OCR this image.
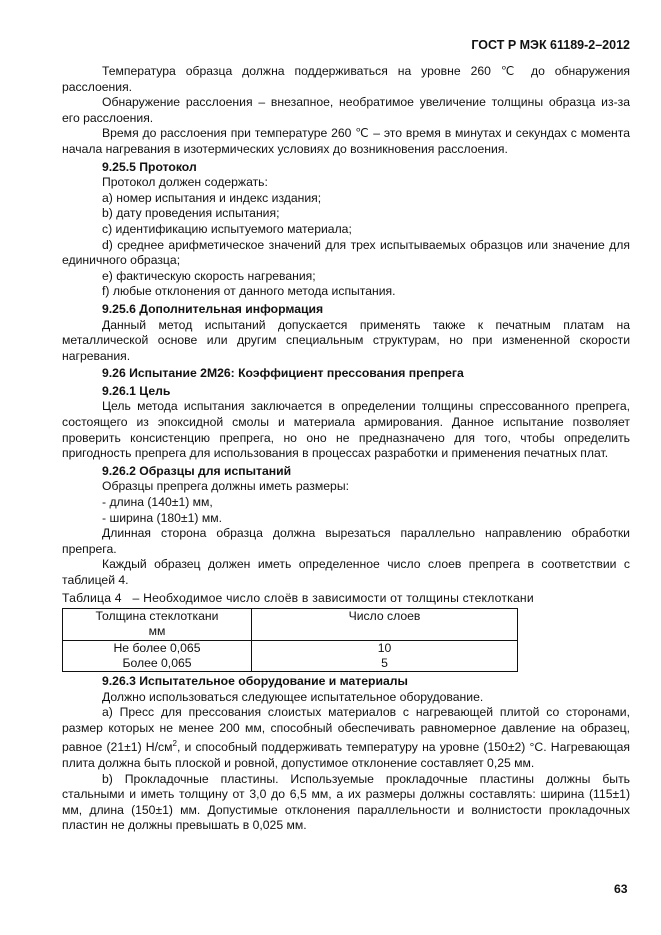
ГОСТ Р МЭК 61189-2–2012

Температура образца должна поддерживаться на уровне 260 ℃ до обнаружения расслоения.

Обнаружение расслоения – внезапное, необратимое увеличение толщины образца из-за его расслоения.

Время до расслоения при температуре 260 ℃ – это время в минутах и секундах с момента начала нагревания в изотермических условиях до возникновения расслоения.

9.25.5 Протокол

Протокол должен содержать:

a) номер испытания и индекс издания;

b) дату проведения испытания;

c) идентификацию испытуемого материала;

d) среднее арифметическое значений для трех испытываемых образцов или значение для единичного образца;

e) фактическую скорость нагревания;

f) любые отклонения от данного метода испытания.

9.25.6 Дополнительная информация

Данный метод испытаний допускается применять также к печатным платам на металлической основе или другим специальным структурам, но при измененной скорости нагревания.

9.26 Испытание 2М26: Коэффициент прессования препрега

9.26.1 Цель

Цель метода испытания заключается в определении толщины спрессованного препрега, состоящего из эпоксидной смолы и материала армирования. Данное испытание позволяет проверить консистенцию препрега, но оно не предназначено для того, чтобы определить пригодность препрега для использования в процессах разработки и применения печатных плат.

9.26.2 Образцы для испытаний

Образцы препрега должны иметь размеры:

- длина (140±1) мм,

- ширина (180±1) мм.

Длинная сторона образца должна вырезаться параллельно направлению обработки препрега.

Каждый образец должен иметь определенное число слоев препрега в соответствии с таблицей 4.

Таблица 4   – Необходимое число слоёв в зависимости от толщины стеклоткани

Толщина стеклоткани
мм	Число слоев
Не более 0,065	10
Более 0,065	5

9.26.3 Испытательное оборудование и материалы

Должно использоваться следующее испытательное оборудование.

a) Пресс для прессования слоистых материалов с нагревающей плитой со сторонами, размер которых не менее 200 мм, способный обеспечивать равномерное давление на образец, равное (21±1) $Н/см^2$, и способный поддерживать температуру на уровне (150±2) °С. Нагревающая плита должна быть плоской и ровной, допустимое отклонение составляет 0,25 мм.

b) Прокладочные пластины. Используемые прокладочные пластины должны быть стальными и иметь толщину от 3,0 до 6,5 мм, а их размеры должны составлять: ширина (115±1) мм, длина (150±1) мм. Допустимые отклонения параллельности и волнистости прокладочных пластин не должны превышать в 0,025 мм.

63
